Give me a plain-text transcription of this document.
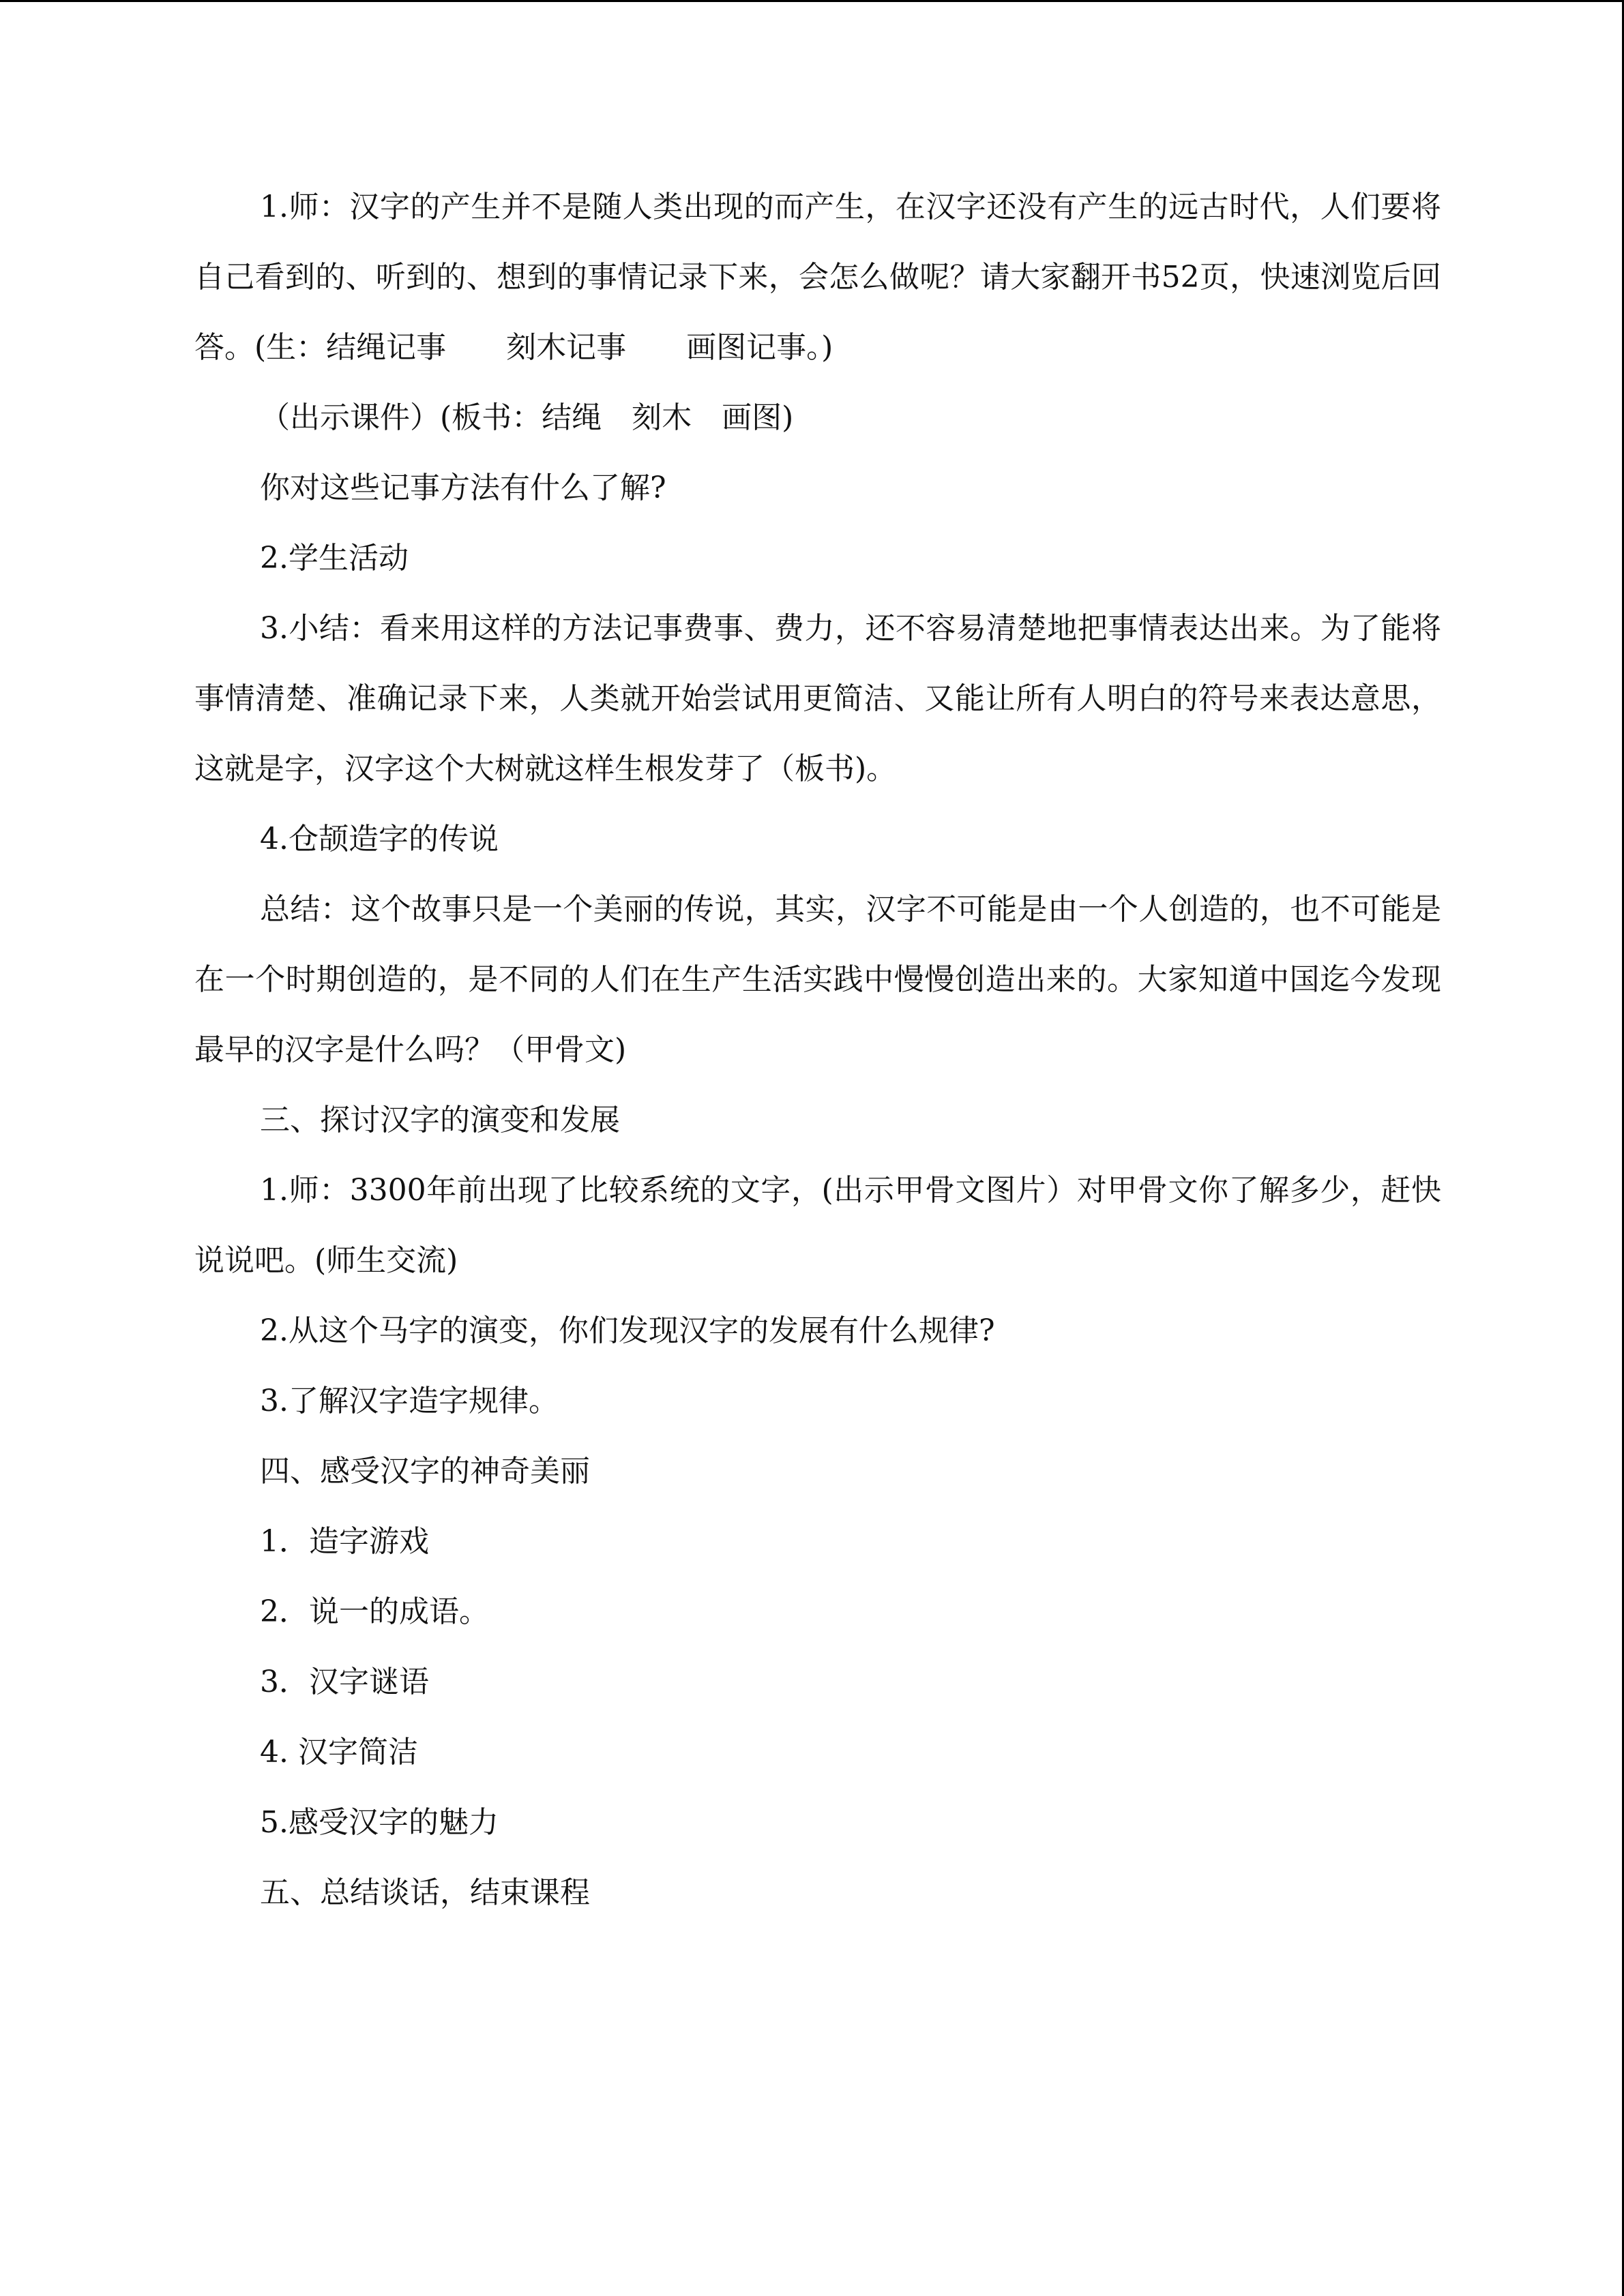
1.师：汉字的产生并不是随人类出现的而产生，在汉字还没有产生的远古时代，人们要将自己看到的、听到的、想到的事情记录下来，会怎么做呢？请大家翻开书52页，快速浏览后回答。(生：结绳记事　　刻木记事　　画图记事。)

（出示课件）(板书：结绳　刻木　画图)

你对这些记事方法有什么了解?

2.学生活动

3.小结：看来用这样的方法记事费事、费力，还不容易清楚地把事情表达出来。为了能将事情清楚、准确记录下来，人类就开始尝试用更简洁、又能让所有人明白的符号来表达意思，这就是字，汉字这个大树就这样生根发芽了（板书)。

4.仓颉造字的传说

总结：这个故事只是一个美丽的传说，其实，汉字不可能是由一个人创造的，也不可能是在一个时期创造的，是不同的人们在生产生活实践中慢慢创造出来的。大家知道中国迄今发现最早的汉字是什么吗？（甲骨文)

三、探讨汉字的演变和发展

1.师：3300年前出现了比较系统的文字，(出示甲骨文图片）对甲骨文你了解多少，赶快说说吧。(师生交流)

2.从这个马字的演变，你们发现汉字的发展有什么规律?

3.了解汉字造字规律。

四、感受汉字的神奇美丽

1．造字游戏

2．说一的成语。

3．汉字谜语

4. 汉字简洁

5.感受汉字的魅力

五、总结谈话，结束课程
